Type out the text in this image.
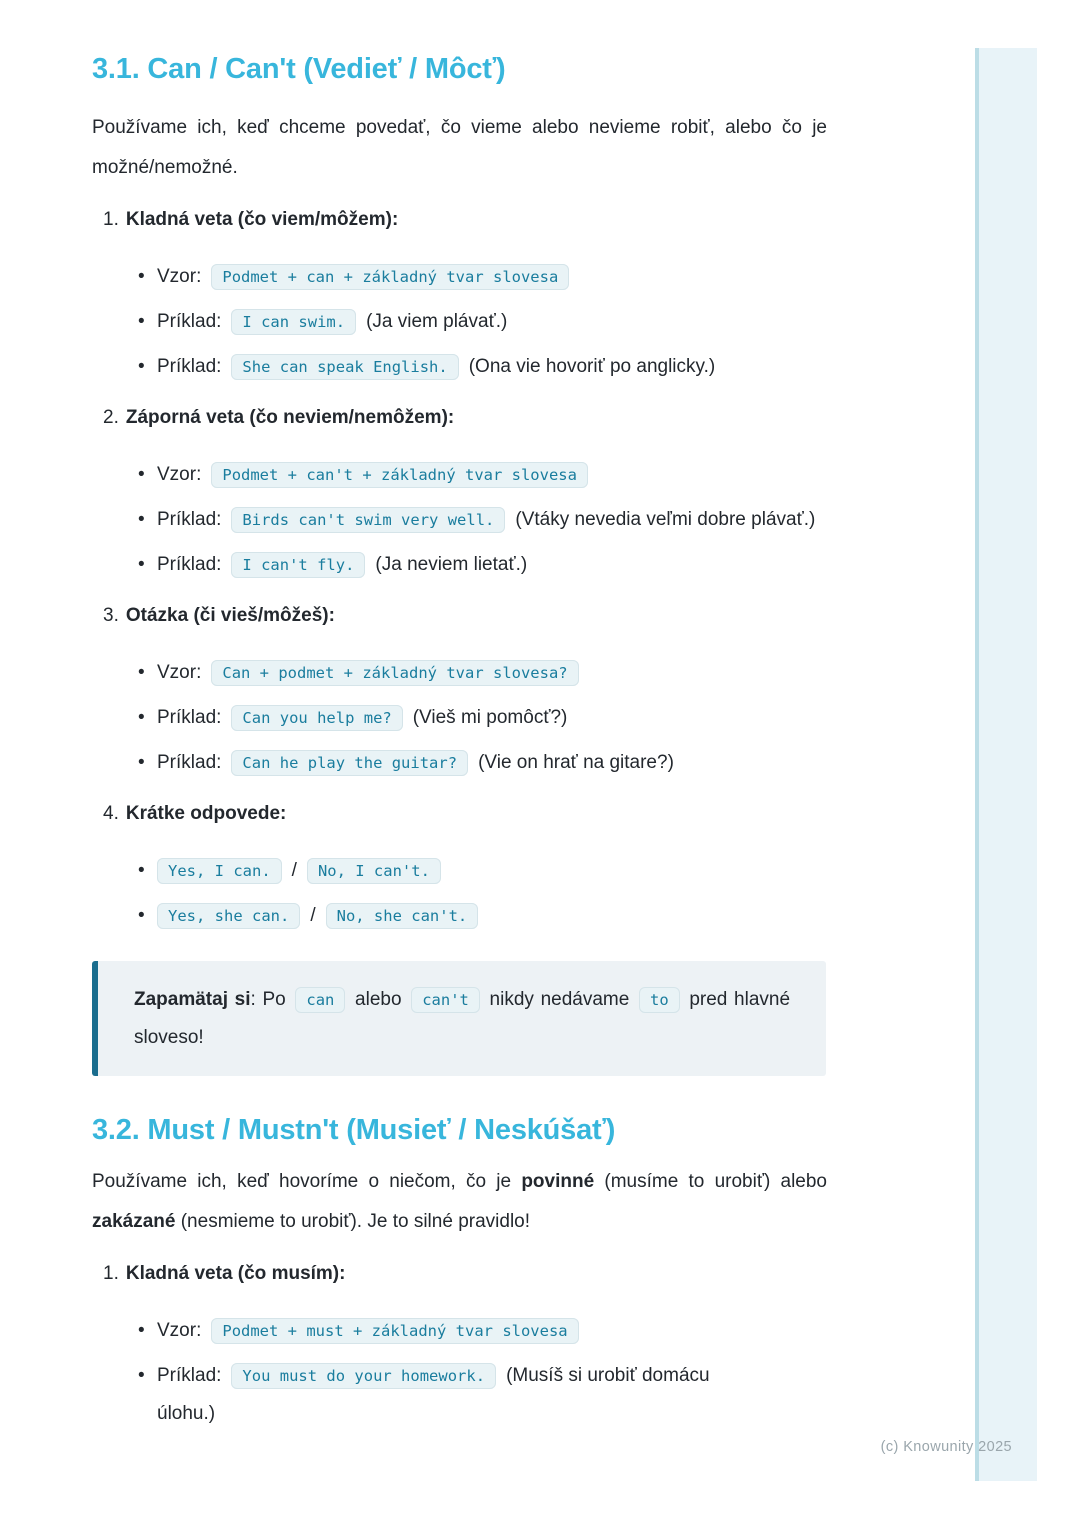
3.1. Can / Can't (Vedieť / Môcť)

Používame ich, keď chceme povedať, čo vieme alebo nevieme robiť, alebo čo je možné/nemožné.

1. Kladná veta (čo viem/môžem):
• Vzor: Podmet + can + základný tvar slovesa
• Príklad: I can swim. (Ja viem plávať.)
• Príklad: She can speak English. (Ona vie hovoriť po anglicky.)
2. Záporná veta (čo neviem/nemôžem):
• Vzor: Podmet + can't + základný tvar slovesa
• Príklad: Birds can't swim very well. (Vtáky nevedia veľmi dobre plávať.)
• Príklad: I can't fly. (Ja neviem lietať.)
3. Otázka (či vieš/môžeš):
• Vzor: Can + podmet + základný tvar slovesa?
• Príklad: Can you help me? (Vieš mi pomôcť?)
• Príklad: Can he play the guitar? (Vie on hrať na gitare?)
4. Krátke odpovede:
• Yes, I can. / No, I can't.
• Yes, she can. / No, she can't.

Zapamätaj si: Po can alebo can't nikdy nedávame to pred hlavné sloveso!

3.2. Must / Mustn't (Musieť / Neskúšať)

Používame ich, keď hovoríme o niečom, čo je povinné (musíme to urobiť) alebo zakázané (nesmieme to urobiť). Je to silné pravidlo!

1. Kladná veta (čo musím):
• Vzor: Podmet + must + základný tvar slovesa
• Príklad: You must do your homework. (Musíš si urobiť domácu úlohu.)
(c) Knowunity 2025
